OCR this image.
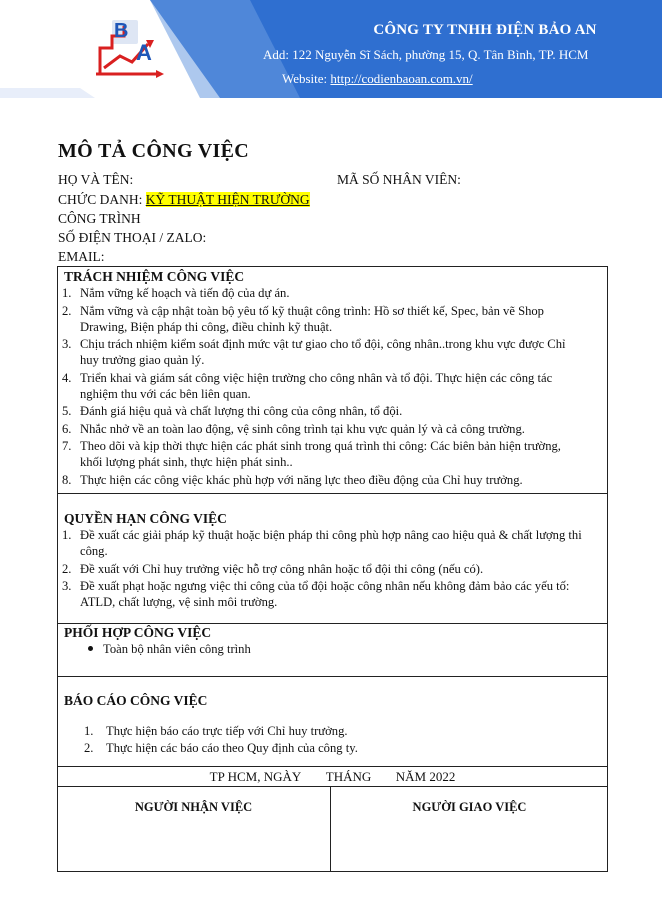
B
A
CÔNG TY TNHH ĐIỆN BẢO AN
Add: 122 Nguyễn Sĩ Sách, phường 15, Q. Tân Bình, TP. HCM
Website: http://codienbaoan.com.vn/
MÔ TẢ CÔNG VIỆC
HỌ VÀ TÊN:	MÃ SỐ NHÂN VIÊN:
CHỨC DANH: KỸ THUẬT HIỆN TRƯỜNG
CÔNG TRÌNH
SỐ ĐIỆN THOẠI / ZALO:
EMAIL:
TRÁCH NHIỆM CÔNG VIỆC
1. Nắm vững kế hoạch và tiến độ của dự án.
2. Nắm vững và cập nhật toàn bộ yêu tố kỹ thuật công trình: Hồ sơ thiết kế, Spec, bản vẽ Shop Drawing, Biện pháp thi công, điều chỉnh kỹ thuật.
3. Chịu trách nhiệm kiểm soát định mức vật tư giao cho tổ đội, công nhân..trong khu vực được Chỉ huy trưởng giao quản lý.
4. Triển khai và giám sát công việc hiện trường cho công nhân và tổ đội. Thực hiện các công tác nghiệm thu với các bên liên quan.
5. Đánh giá hiệu quả và chất lượng thi công của công nhân, tổ đội.
6. Nhắc nhở về an toàn lao động, vệ sinh công trình tại khu vực quản lý và cả công trường.
7. Theo dõi và kịp thời thực hiện các phát sinh trong quá trình thi công: Các biên bản hiện trường, khối lượng phát sinh, thực hiện phát sinh..
8. Thực hiện các công việc khác phù hợp với năng lực theo điều động của Chỉ huy trưởng.
QUYỀN HẠN CÔNG VIỆC
1. Đề xuất các giải pháp kỹ thuật hoặc biện pháp thi công phù hợp nâng cao hiệu quả & chất lượng thi công.
2. Đề xuất với Chỉ huy trưởng việc hỗ trợ công nhân hoặc tổ đội thi công (nếu có).
3. Đề xuất phạt hoặc ngưng việc thi công của tổ đội hoặc công nhân nếu không đảm bảo các yếu tố: ATLD, chất lượng, vệ sinh môi trường.
PHỐI HỢP CÔNG VIỆC
Toàn bộ nhân viên công trình
BÁO CÁO CÔNG VIỆC
1. Thực hiện báo cáo trực tiếp với Chỉ huy trưởng.
2. Thực hiện các báo cáo theo Quy định của công ty.
TP HCM, NGÀY THÁNG NĂM 2022
NGƯỜI NHẬN VIỆC	NGƯỜI GIAO VIỆC
